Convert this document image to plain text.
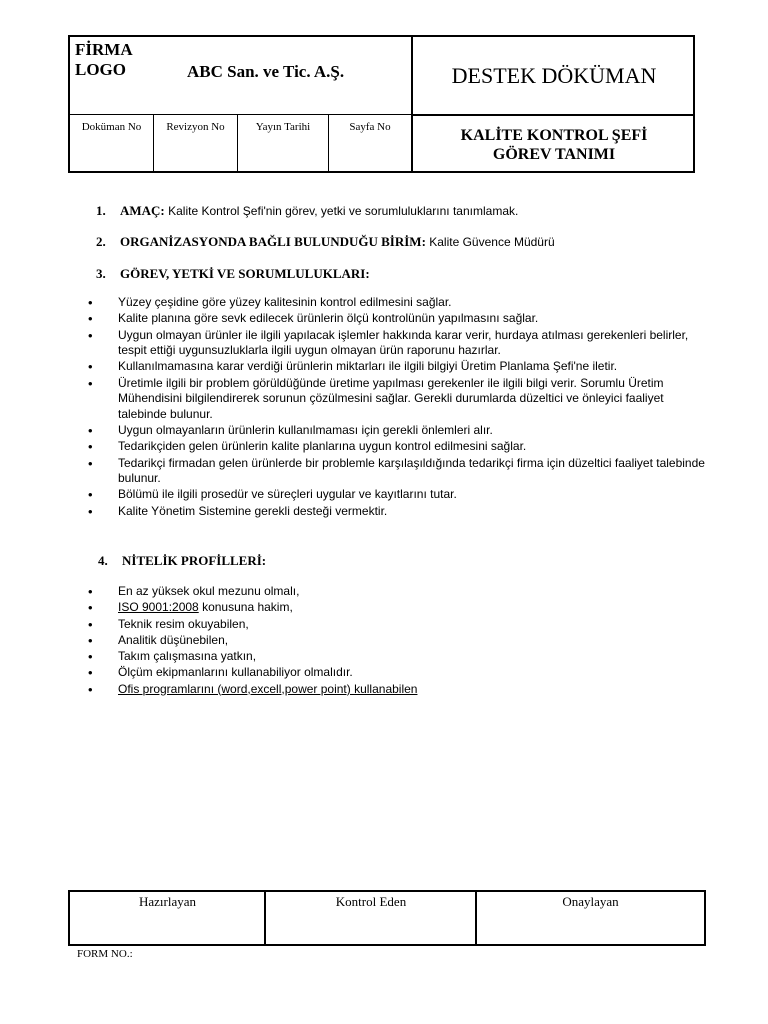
FİRMA
LOGO	ABC San. ve Tic. A.Ş.	DESTEK DÖKÜMAN
Doküman No	Revizyon No	Yayın Tarihi	Sayfa No	KALİTE KONTROL ŞEFİ
GÖREV TANIMI
1. AMAÇ: Kalite Kontrol Şefi'nin görev, yetki ve sorumluluklarını tanımlamak.
2. ORGANİZASYONDA BAĞLI BULUNDUĞU BİRİM: Kalite Güvence Müdürü
3. GÖREV, YETKİ VE SORUMLULUKLARI:
• Yüzey çeşidine göre yüzey kalitesinin kontrol edilmesini sağlar.
• Kalite planına göre sevk edilecek ürünlerin ölçü kontrolünün yapılmasını sağlar.
• Uygun olmayan ürünler ile ilgili yapılacak işlemler hakkında karar verir, hurdaya atılması gerekenleri belirler, tespit ettiği uygunsuzluklarla ilgili uygun olmayan ürün raporunu hazırlar.
• Kullanılmamasına karar verdiği ürünlerin miktarları ile ilgili bilgiyi Üretim Planlama Şefi'ne iletir.
• Üretimle ilgili bir problem görüldüğünde üretime yapılması gerekenler ile ilgili bilgi verir. Sorumlu Üretim Mühendisini bilgilendirerek sorunun çözülmesini sağlar. Gerekli durumlarda düzeltici ve önleyici faaliyet talebinde bulunur.
• Uygun olmayanların ürünlerin kullanılmaması için gerekli önlemleri alır.
• Tedarikçiden gelen ürünlerin kalite planlarına uygun kontrol edilmesini sağlar.
• Tedarikçi firmadan gelen ürünlerde bir problemle karşılaşıldığında tedarikçi firma için düzeltici faaliyet talebinde bulunur.
• Bölümü ile ilgili prosedür ve süreçleri uygular ve kayıtlarını tutar.
• Kalite Yönetim Sistemine gerekli desteği vermektir.
4. NİTELİK PROFİLLERİ:
• En az yüksek okul mezunu olmalı,
• ISO 9001:2008 konusuna hakim,
• Teknik resim okuyabilen,
• Analitik düşünebilen,
• Takım çalışmasına yatkın,
• Ölçüm ekipmanlarını kullanabiliyor olmalıdır.
• Ofis programlarını (word,excell,power point) kullanabilen
Hazırlayan	Kontrol Eden	Onaylayan
FORM NO.:
